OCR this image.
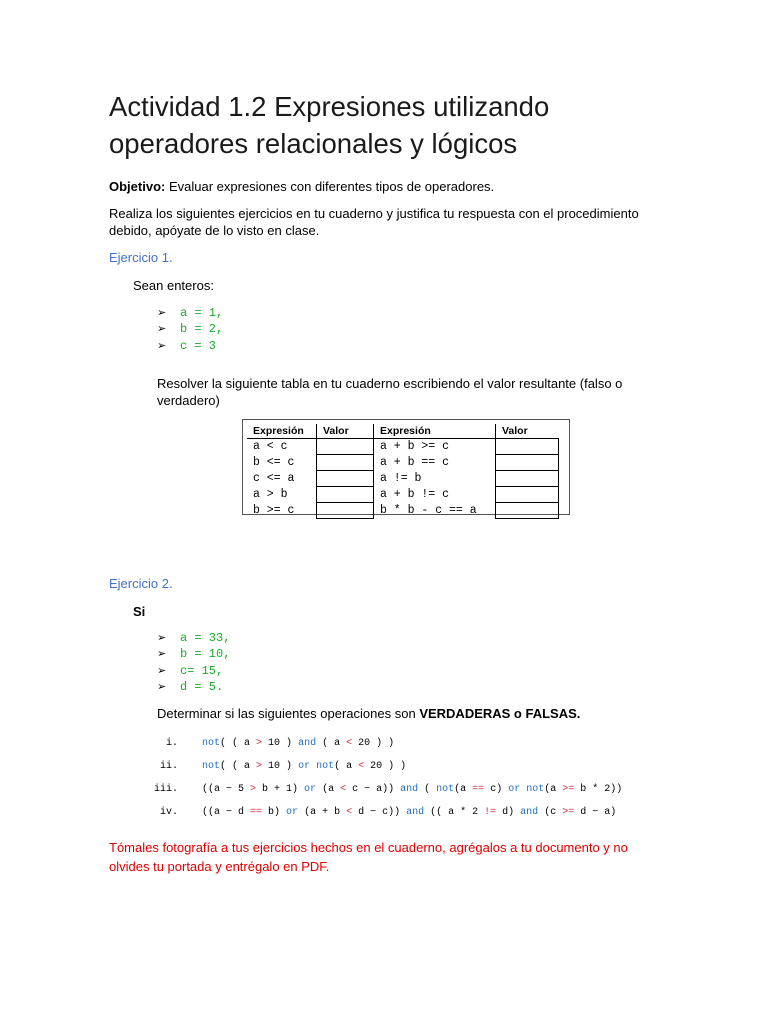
Actividad 1.2 Expresiones utilizando
operadores relacionales y lógicos
Objetivo: Evaluar expresiones con diferentes tipos de operadores.
Realiza los siguientes ejercicios en tu cuaderno y justifica tu respuesta con el procedimiento
debido, apóyate de lo visto en clase.
Ejercicio 1.
Sean enteros:
➢ a = 1,
➢ b = 2,
➢ c = 3
Resolver la siguiente tabla en tu cuaderno escribiendo el valor resultante (falso o
verdadero)
Expresión	Valor	Expresión	Valor
a < c		a + b >= c	
b <= c		a + b == c	
c <= a		a != b	
a > b		a + b != c	
b >= c		b * b - c == a	
Ejercicio 2.
Si
➢ a = 33,
➢ b = 10,
➢ c= 15,
➢ d = 5.
Determinar si las siguientes operaciones son VERDADERAS o FALSAS.
i. not( ( a > 10 ) and ( a < 20 ) )
ii. not( ( a > 10 ) or not( a < 20 ) )
iii. ((a − 5 > b + 1) or (a < c − a)) and ( not(a == c) or not(a >= b * 2))
iv. ((a − d == b) or (a + b < d − c)) and (( a * 2 != d) and (c >= d − a)
Tómales fotografía a tus ejercicios hechos en el cuaderno, agrégalos a tu documento y no
olvides tu portada y entrégalo en PDF.
